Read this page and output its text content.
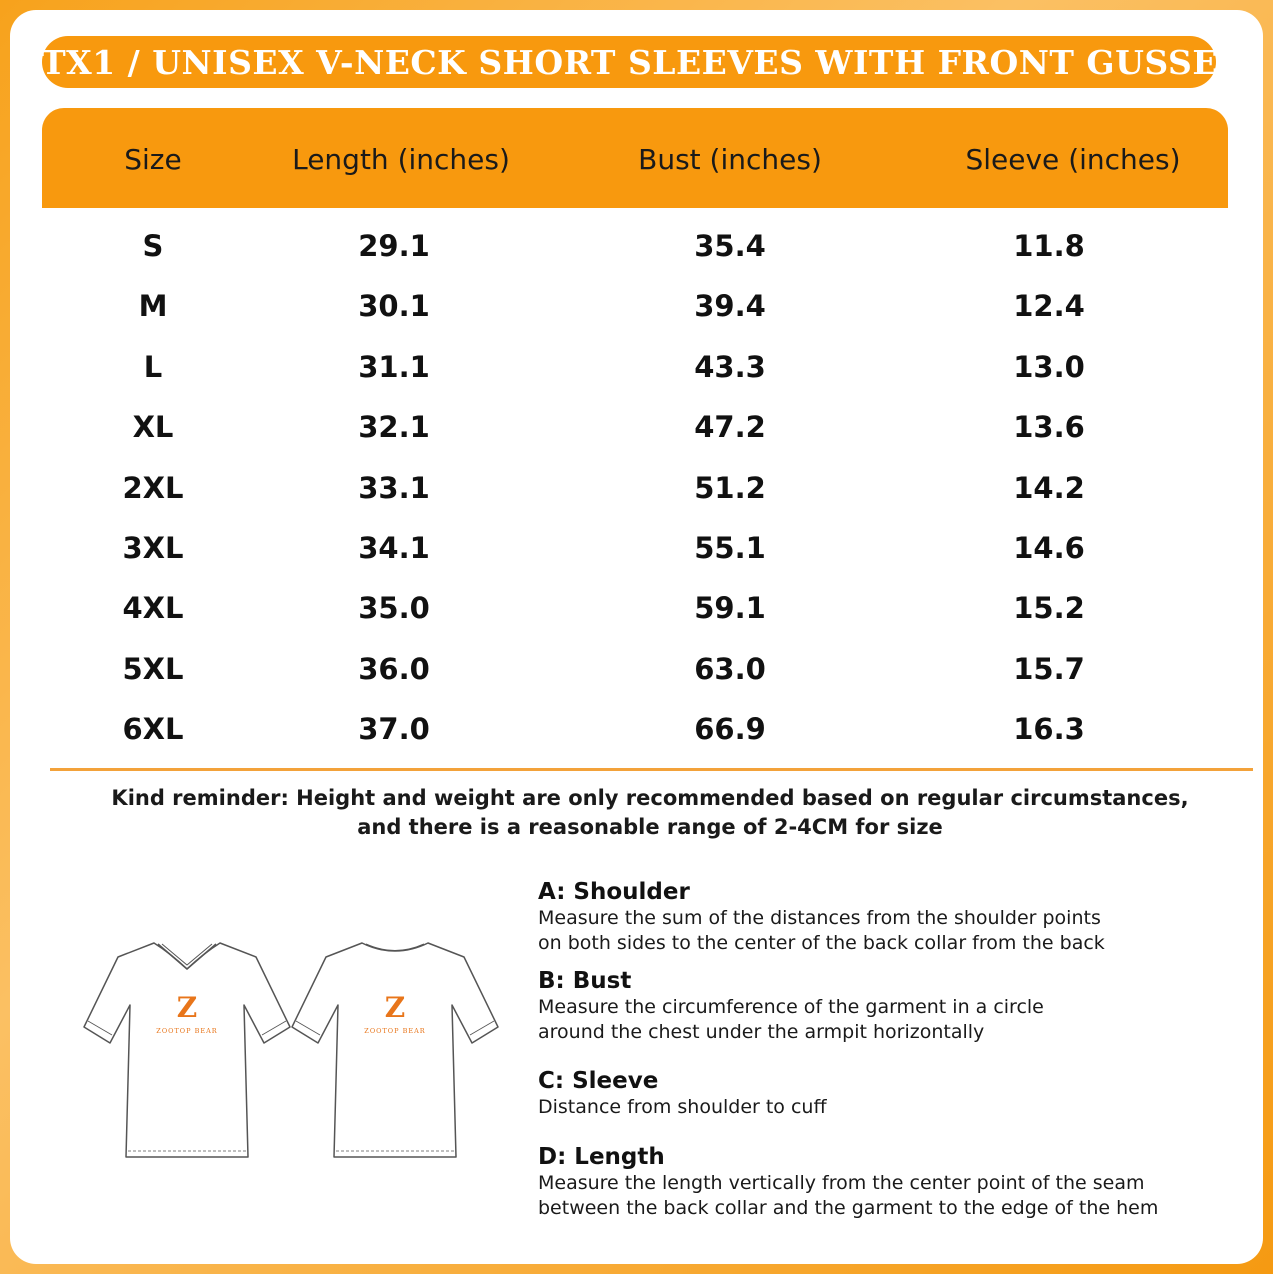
VTX1 / UNISEX V-NECK SHORT SLEEVES WITH FRONT GUSSET
Size	Length (inches)	Bust (inches)	Sleeve (inches)
S	29.1	35.4	11.8
M	30.1	39.4	12.4
L	31.1	43.3	13.0
XL	32.1	47.2	13.6
2XL	33.1	51.2	14.2
3XL	34.1	55.1	14.6
4XL	35.0	59.1	15.2
5XL	36.0	63.0	15.7
6XL	37.0	66.9	16.3
Kind reminder: Height and weight are only recommended based on regular circumstances,
and there is a reasonable range of 2-4CM for size
Z
ZOOTOP BEAR
Z
ZOOTOP BEAR
A: Shoulder
Measure the sum of the distances from the shoulder points
on both sides to the center of the back collar from the back
B: Bust
Measure the circumference of the garment in a circle
around the chest under the armpit horizontally
C: Sleeve
Distance from shoulder to cuff
D: Length
Measure the length vertically from the center point of the seam
between the back collar and the garment to the edge of the hem
